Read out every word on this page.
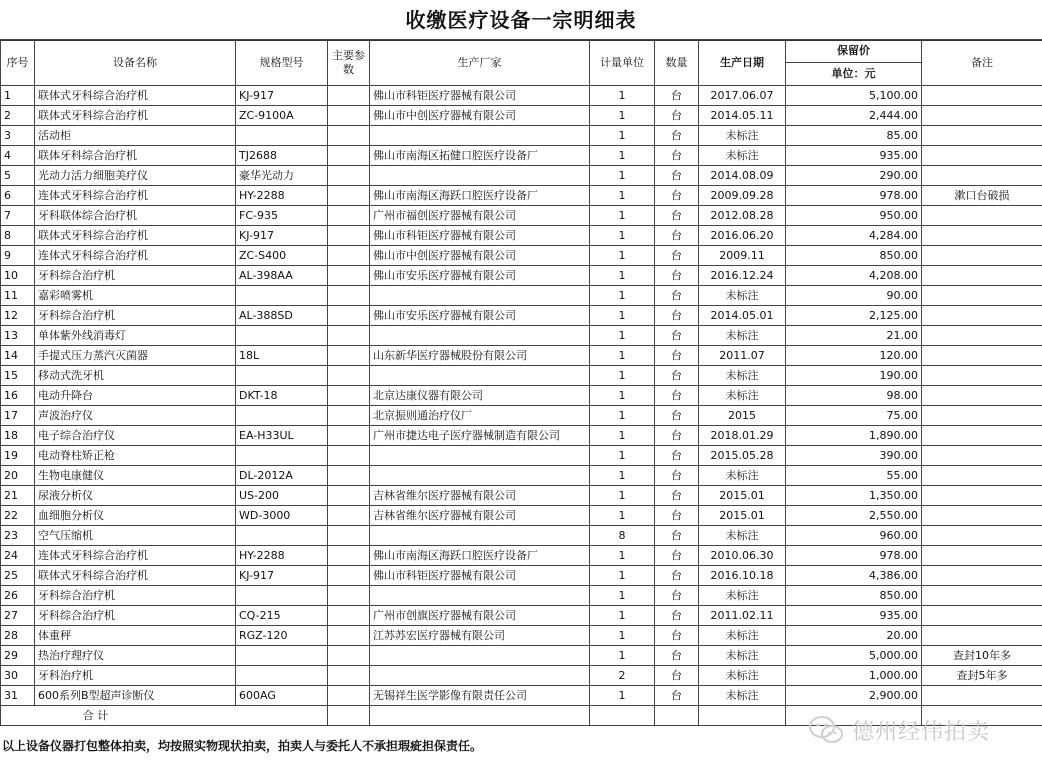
收缴医疗设备一宗明细表
序号	设备名称	规格型号	主要参数	生产厂家	计量单位	数量	生产日期	保留价	备注
								单位：元	
1	联体式牙科综合治疗机	KJ-917		佛山市科钜医疗器械有限公司	1	台	2017.06.07	5,100.00	
2	联体式牙科综合治疗机	ZC-9100A		佛山市中创医疗器械有限公司	1	台	2014.05.11	2,444.00	
3	活动柜				1	台	未标注	85.00	
4	联体牙科综合治疗机	TJ2688		佛山市南海区拓健口腔医疗设备厂	1	台	未标注	935.00	
5	光动力活力细胞美疗仪	豪华光动力			1	台	2014.08.09	290.00	
6	连体式牙科综合治疗机	HY-2288		佛山市南海区海跃口腔医疗设备厂	1	台	2009.09.28	978.00	漱口台破损
7	牙科联体综合治疗机	FC-935		广州市福创医疗器械有限公司	1	台	2012.08.28	950.00	
8	联体式牙科综合治疗机	KJ-917		佛山市科钜医疗器械有限公司	1	台	2016.06.20	4,284.00	
9	连体式牙科综合治疗机	ZC-S400		佛山市中创医疗器械有限公司	1	台	2009.11	850.00	
10	牙科综合治疗机	AL-398AA		佛山市安乐医疗器械有限公司	1	台	2016.12.24	4,208.00	
11	嘉彩喷雾机				1	台	未标注	90.00	
12	牙科综合治疗机	AL-388SD		佛山市安乐医疗器械有限公司	1	台	2014.05.01	2,125.00	
13	单体紫外线消毒灯				1	台	未标注	21.00	
14	手提式压力蒸汽灭菌器	18L		山东新华医疗器械股份有限公司	1	台	2011.07	120.00	
15	移动式洗牙机				1	台	未标注	190.00	
16	电动升降台	DKT-18		北京达康仪器有限公司	1	台	未标注	98.00	
17	声波治疗仪			北京振则通治疗仪厂	1	台	2015	75.00	
18	电子综合治疗仪	EA-H33UL		广州市捷达电子医疗器械制造有限公司	1	台	2018.01.29	1,890.00	
19	电动脊柱矫正枪				1	台	2015.05.28	390.00	
20	生物电康健仪	DL-2012A			1	台	未标注	55.00	
21	尿液分析仪	US-200		吉林省维尔医疗器械有限公司	1	台	2015.01	1,350.00	
22	血细胞分析仪	WD-3000		吉林省维尔医疗器械有限公司	1	台	2015.01	2,550.00	
23	空气压缩机				8	台	未标注	960.00	
24	连体式牙科综合治疗机	HY-2288		佛山市南海区海跃口腔医疗设备厂	1	台	2010.06.30	978.00	
25	联体式牙科综合治疗机	KJ-917		佛山市科钜医疗器械有限公司	1	台	2016.10.18	4,386.00	
26	牙科综合治疗机				1	台	未标注	850.00	
27	牙科综合治疗机	CQ-215		广州市创旗医疗器械有限公司	1	台	2011.02.11	935.00	
28	体重秤	RGZ-120		江苏苏宏医疗器械有限公司	1	台	未标注	20.00	
29	热治疗理疗仪				1	台	未标注	5,000.00	查封10年多
30	牙科治疗机				2	台	未标注	1,000.00	查封5年多
31	600系列B型超声诊断仪	600AG		无锡祥生医学影像有限责任公司	1	台	未标注	2,900.00	
合 计									
以上设备仪器打包整体拍卖，均按照实物现状拍卖，拍卖人与委托人不承担瑕疵担保责任。
德州经伟拍卖
